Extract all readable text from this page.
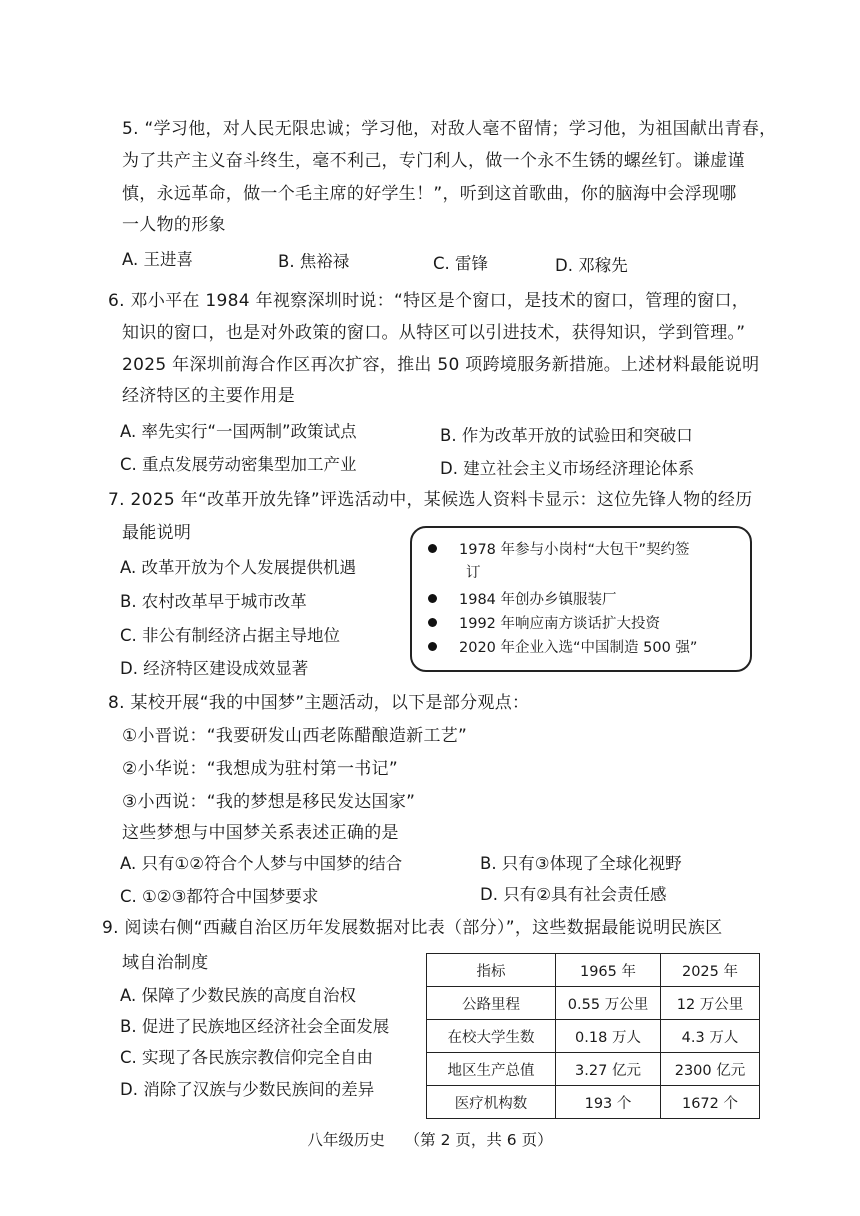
5. “学习他，对人民无限忠诚；学习他，对敌人毫不留情；学习他，为祖国献出青春，
为了共产主义奋斗终生，毫不利己，专门利人，做一个永不生锈的螺丝钉。谦虚谨
慎，永远革命，做一个毛主席的好学生！”，听到这首歌曲，你的脑海中会浮现哪
一人物的形象
A. 王进喜	B. 焦裕禄	C. 雷锋	D. 邓稼先
6. 邓小平在 1984 年视察深圳时说：“特区是个窗口，是技术的窗口，管理的窗口，
知识的窗口，也是对外政策的窗口。从特区可以引进技术，获得知识，学到管理。”
2025 年深圳前海合作区再次扩容，推出 50 项跨境服务新措施。上述材料最能说明
经济特区的主要作用是
A. 率先实行“一国两制”政策试点	B. 作为改革开放的试验田和突破口
C. 重点发展劳动密集型加工产业	D. 建立社会主义市场经济理论体系
7. 2025 年“改革开放先锋”评选活动中，某候选人资料卡显示：这位先锋人物的经历
最能说明
A. 改革开放为个人发展提供机遇
B. 农村改革早于城市改革
C. 非公有制经济占据主导地位
D. 经济特区建设成效显著
1978 年参与小岗村“大包干”契约签
订
1984 年创办乡镇服装厂
1992 年响应南方谈话扩大投资
2020 年企业入选“中国制造 500 强”
8. 某校开展“我的中国梦”主题活动，以下是部分观点：
①小晋说：“我要研发山西老陈醋酿造新工艺”
②小华说：“我想成为驻村第一书记”
③小西说：“我的梦想是移民发达国家”
这些梦想与中国梦关系表述正确的是
A. 只有①②符合个人梦与中国梦的结合	B. 只有③体现了全球化视野
C. ①②③都符合中国梦要求	D. 只有②具有社会责任感
9. 阅读右侧“西藏自治区历年发展数据对比表（部分）”，这些数据最能说明民族区
域自治制度
A. 保障了少数民族的高度自治权
B. 促进了民族地区经济社会全面发展
C. 实现了各民族宗教信仰完全自由
D. 消除了汉族与少数民族间的差异
指标	1965 年	2025 年
公路里程	0.55 万公里	12 万公里
在校大学生数	0.18 万人	4.3 万人
地区生产总值	3.27 亿元	2300 亿元
医疗机构数	193 个	1672 个
八年级历史 （第 2 页，共 6 页）
